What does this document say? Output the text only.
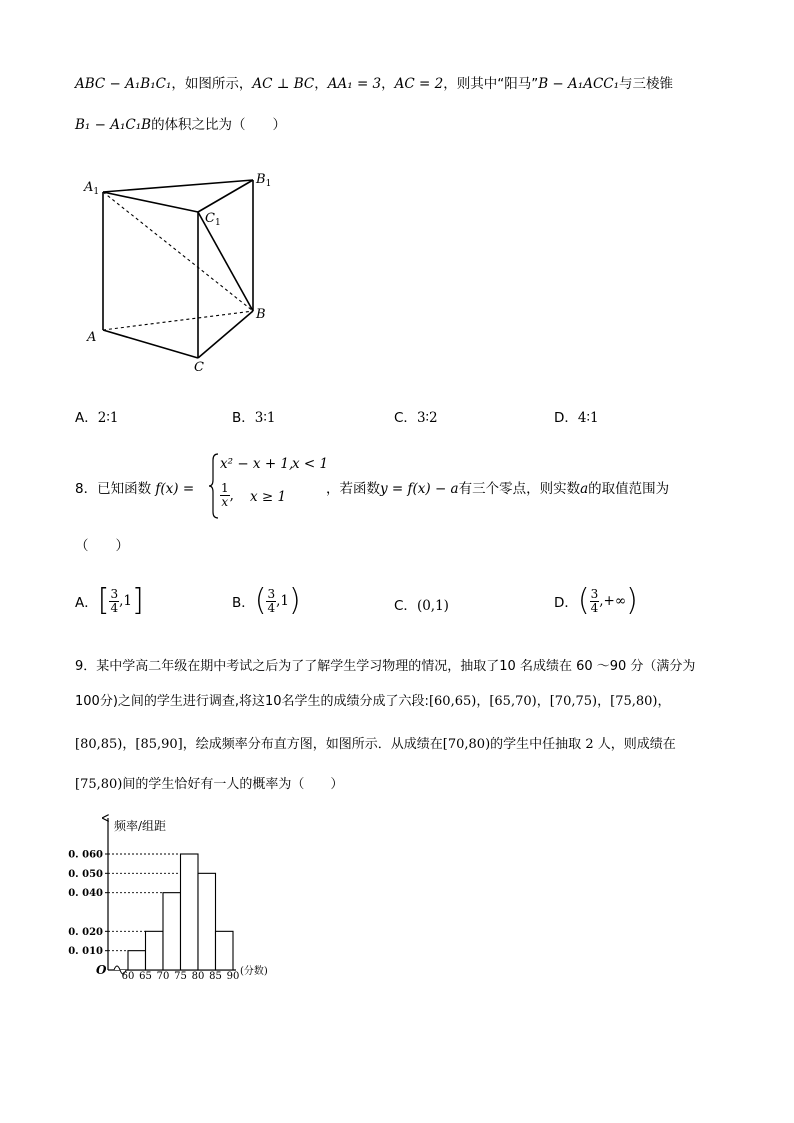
ABC − A₁B₁C₁，如图所示，AC ⊥ BC，AA₁ = 3，AC = 2，则其中“阳马”B − A₁ACC₁与三棱锥
B₁ − A₁C₁B的体积之比为（　　）
$A_1$
$B_1$
$C_1$
A
B
C
A．2∶1	B．3∶1	C．3∶2	D．4∶1
8．已知函数 f(x) =
x² − x + 1,
x < 1
$\frac{1}{x}$ , x ≥ 1	，若函数y = f(x) − a有三个零点，则实数a的取值范围为
（　　）
A．[ $\frac{3}{4} ,1$]	B．( $\frac{3}{4} ,1$)	C．(0,1)	D．( $\frac{3}{4}$ ,+∞)
9．某中学高二年级在期中考试之后为了了解学生学习物理的情况，抽取了10 名成绩在 60 ～90 分（满分为
100分)之间的学生进行调查,将这10名学生的成绩分成了六段:[60,65)，[65,70)，[70,75)，[75,80)，
[80,85)，[85,90]，绘成频率分布直方图，如图所示．从成绩在[70,80)的学生中任抽取 2 人，则成绩在
[75,80)间的学生恰好有一人的概率为（　　）
频率/组距
O	(分数)
0. 010
0. 020
0. 040
0. 050
0. 060
60 65 70 75 80 85 90
